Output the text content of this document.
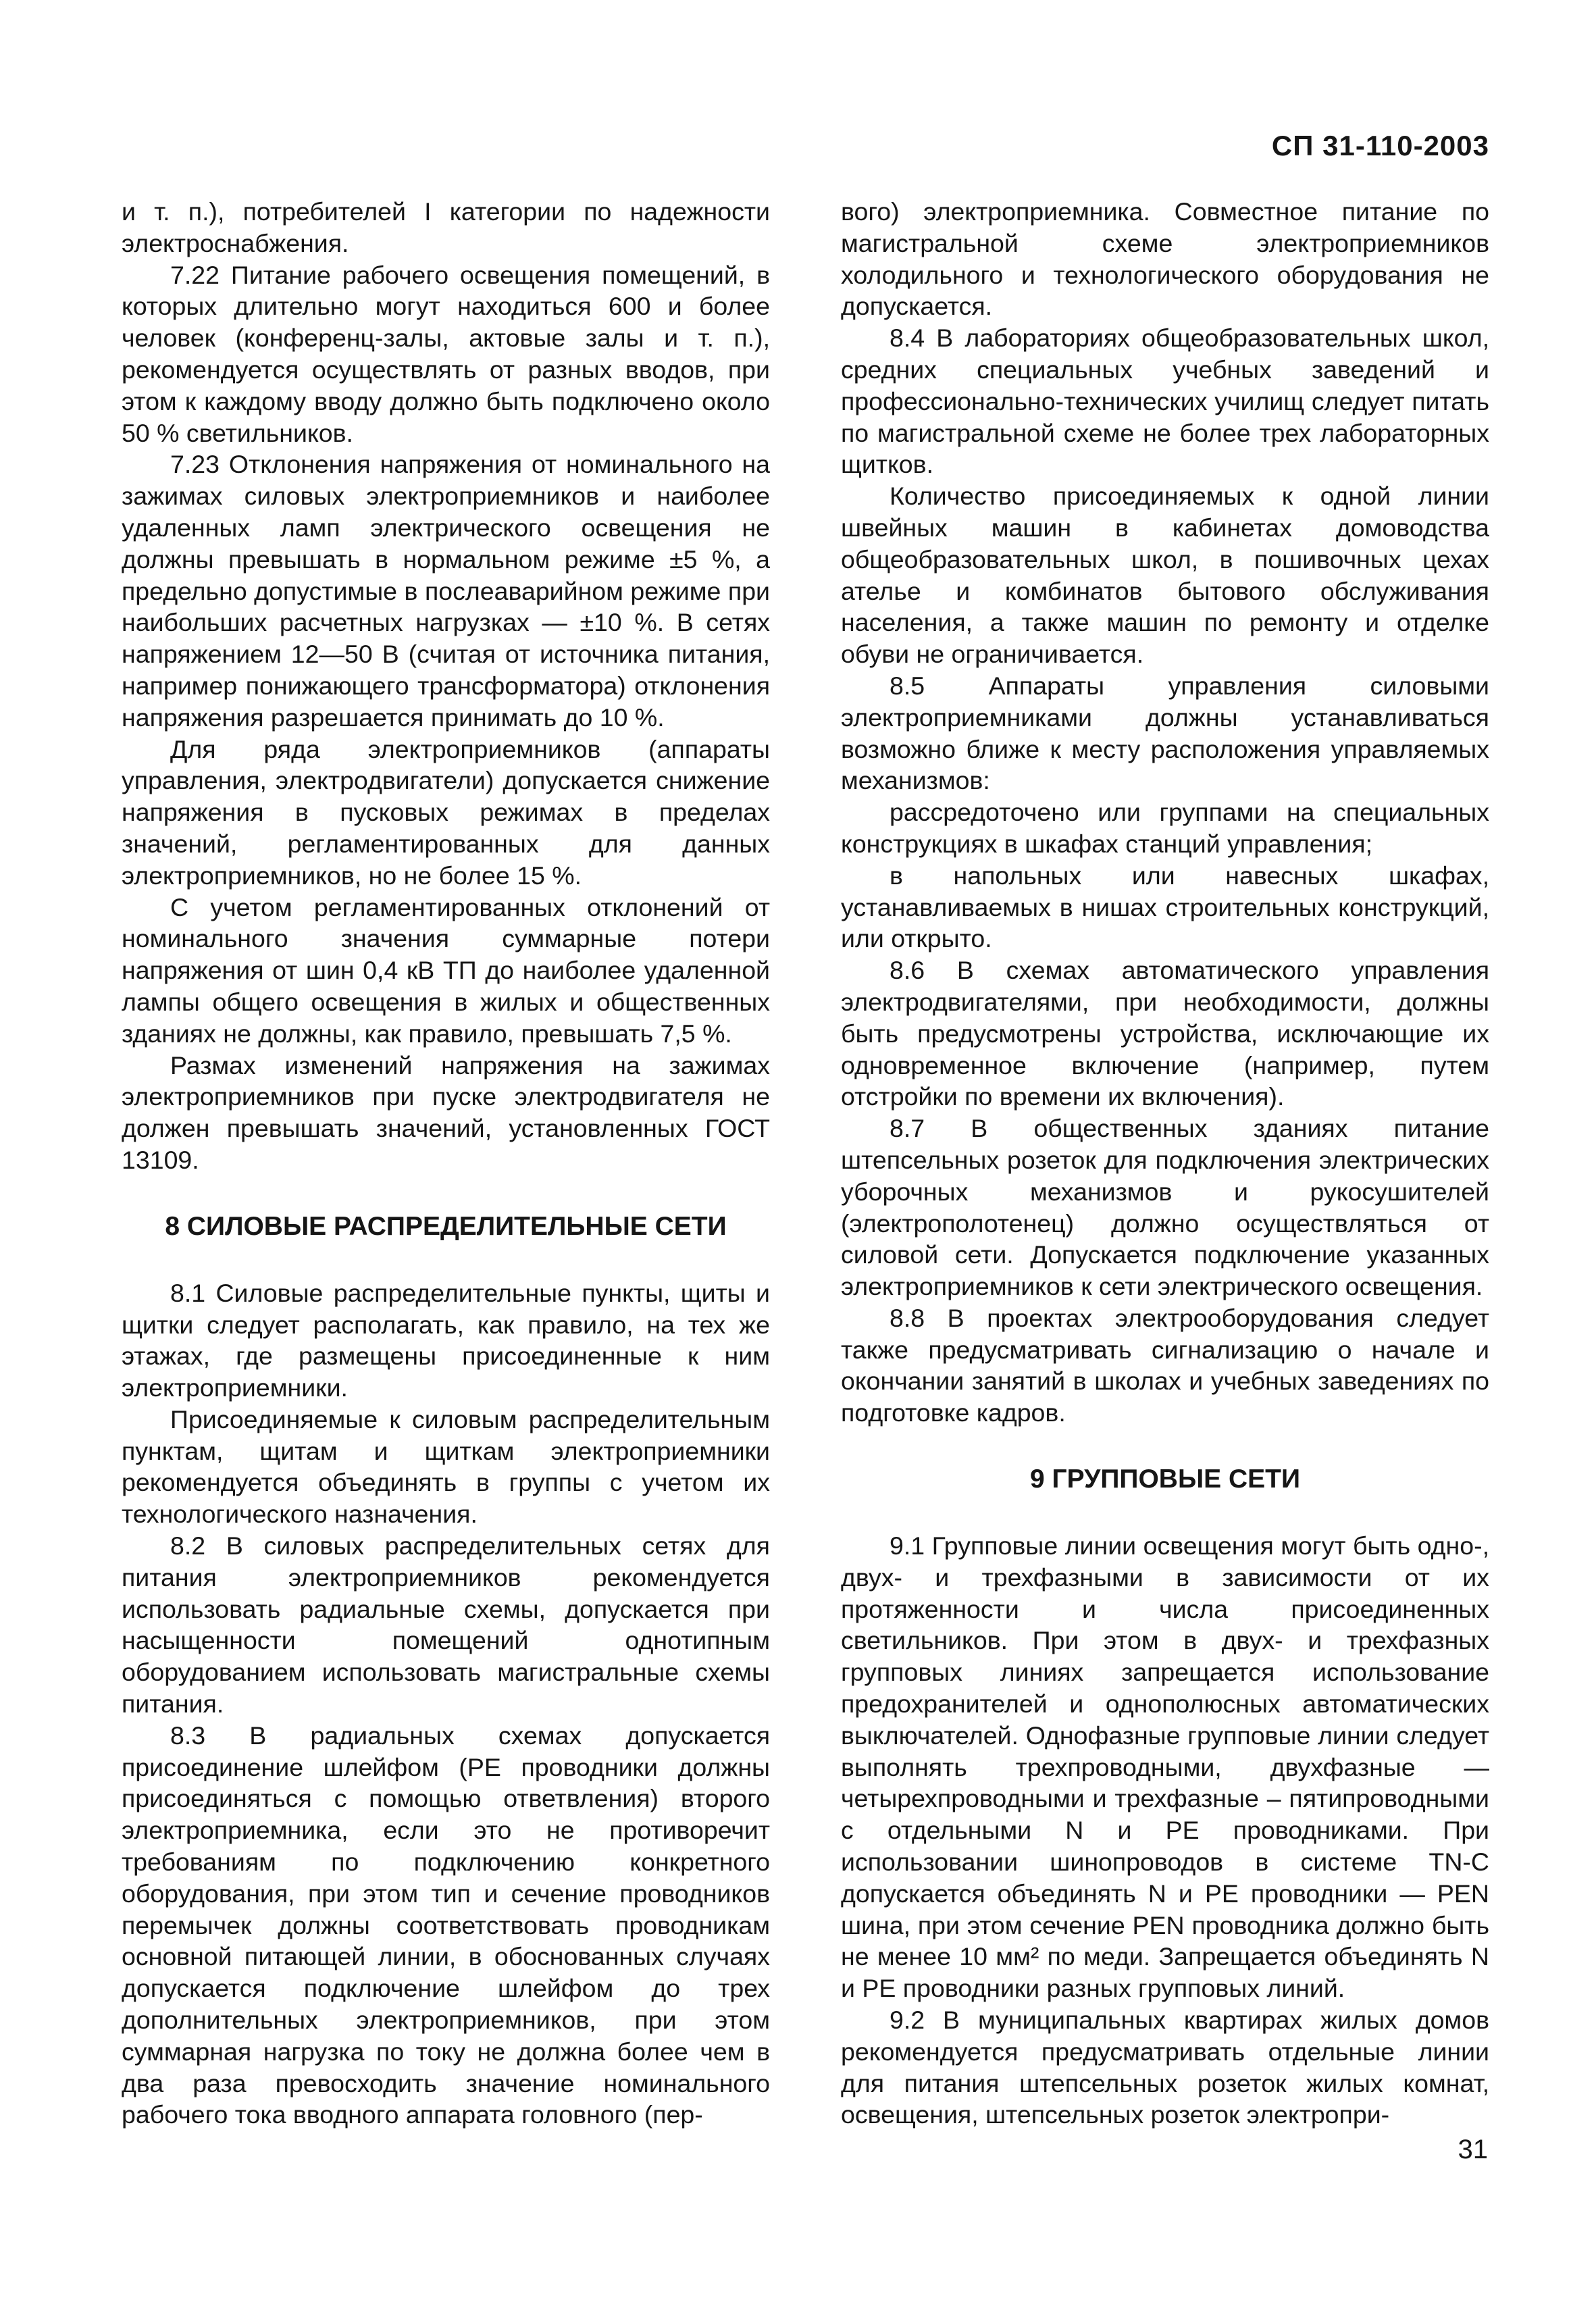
СП 31-110-2003

и т. п.), потребителей I категории по надежности электроснабжения.

7.22 Питание рабочего освещения помещений, в которых длительно могут находиться 600 и более человек (конференц-залы, актовые залы и т. п.), рекомендуется осуществлять от разных вводов, при этом к каждому вводу должно быть подключено около 50 % светильников.

7.23 Отклонения напряжения от номинального на зажимах силовых электроприемников и наиболее удаленных ламп электрического освещения не должны превышать в нормальном режиме ±5 %, а предельно допустимые в послеаварийном режиме при наибольших расчетных нагрузках — ±10 %. В сетях напряжением 12—50 В (считая от источника питания, например понижающего трансформатора) отклонения напряжения разрешается принимать до 10 %.

Для ряда электроприемников (аппараты управления, электродвигатели) допускается снижение напряжения в пусковых режимах в пределах значений, регламентированных для данных электроприемников, но не более 15 %.

С учетом регламентированных отклонений от номинального значения суммарные потери напряжения от шин 0,4 кВ ТП до наиболее удаленной лампы общего освещения в жилых и общественных зданиях не должны, как правило, превышать 7,5 %.

Размах изменений напряжения на зажимах электроприемников при пуске электродвигателя не должен превышать значений, установленных ГОСТ 13109.

8 СИЛОВЫЕ РАСПРЕДЕЛИТЕЛЬНЫЕ СЕТИ

8.1 Силовые распределительные пункты, щиты и щитки следует располагать, как правило, на тех же этажах, где размещены присоединенные к ним электроприемники.

Присоединяемые к силовым распределительным пунктам, щитам и щиткам электроприемники рекомендуется объединять в группы с учетом их технологического назначения.

8.2 В силовых распределительных сетях для питания электроприемников рекомендуется использовать радиальные схемы, допускается при насыщенности помещений однотипным оборудованием использовать магистральные схемы питания.

8.3 В радиальных схемах допускается присоединение шлейфом (PE проводники должны присоединяться с помощью ответвления) второго электроприемника, если это не противоречит требованиям по подключению конкретного оборудования, при этом тип и сечение проводников перемычек должны соответствовать проводникам основной питающей линии, в обоснованных случаях допускается подключение шлейфом до трех дополнительных электроприемников, при этом суммарная нагрузка по току не должна более чем в два раза превосходить значение номинального рабочего тока вводного аппарата головного (пер-

вого) электроприемника. Совместное питание по магистральной схеме электроприемников холодильного и технологического оборудования не допускается.

8.4 В лабораториях общеобразовательных школ, средних специальных учебных заведений и профессионально-технических училищ следует питать по магистральной схеме не более трех лабораторных щитков.

Количество присоединяемых к одной линии швейных машин в кабинетах домоводства общеобразовательных школ, в пошивочных цехах ателье и комбинатов бытового обслуживания населения, а также машин по ремонту и отделке обуви не ограничивается.

8.5 Аппараты управления силовыми электроприемниками должны устанавливаться возможно ближе к месту расположения управляемых механизмов:

рассредоточено или группами на специальных конструкциях в шкафах станций управления;

в напольных или навесных шкафах, устанавливаемых в нишах строительных конструкций, или открыто.

8.6 В схемах автоматического управления электродвигателями, при необходимости, должны быть предусмотрены устройства, исключающие их одновременное включение (например, путем отстройки по времени их включения).

8.7 В общественных зданиях питание штепсельных розеток для подключения электрических уборочных механизмов и рукосушителей (электрополотенец) должно осуществляться от силовой сети. Допускается подключение указанных электроприемников к сети электрического освещения.

8.8 В проектах электрооборудования следует также предусматривать сигнализацию о начале и окончании занятий в школах и учебных заведениях по подготовке кадров.

9 ГРУППОВЫЕ СЕТИ

9.1 Групповые линии освещения могут быть одно-, двух- и трехфазными в зависимости от их протяженности и числа присоединенных светильников. При этом в двух- и трехфазных групповых линиях запрещается использование предохранителей и однополюсных автоматических выключателей. Однофазные групповые линии следует выполнять трехпроводными, двухфазные — четырехпроводными и трехфазные – пятипроводными с отдельными N и PE проводниками. При использовании шинопроводов в системе TN-C допускается объединять N и PE проводники — PEN шина, при этом сечение PEN проводника должно быть не менее 10 мм² по меди. Запрещается объединять N и PE проводники разных групповых линий.

9.2 В муниципальных квартирах жилых домов рекомендуется предусматривать отдельные линии для питания штепсельных розеток жилых комнат, освещения, штепсельных розеток электропри-

31
